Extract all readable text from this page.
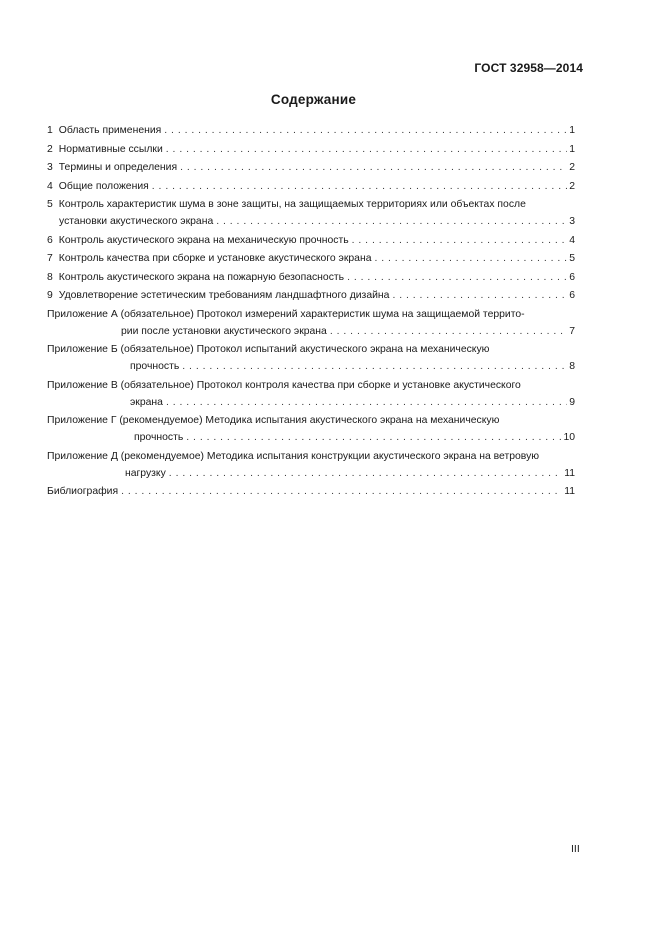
ГОСТ 32958—2014
Содержание
1 Область применения . . .	1
2 Нормативные ссылки . . .	1
3 Термины и определения . . .	2
4 Общие положения . . .	2
5 Контроль характеристик шума в зоне защиты, на защищаемых территориях или объектах после
установки акустического экрана . . .	3
6 Контроль акустического экрана на механическую прочность . . .	4
7 Контроль качества при сборке и установке акустического экрана . . .	5
8 Контроль акустического экрана на пожарную безопасность . . .	6
9 Удовлетворение эстетическим требованиям ландшафтного дизайна . . .	6
Приложение А (обязательное) Протокол измерений характеристик шума на защищаемой террито-
рии после установки акустического экрана . . .	7
Приложение Б (обязательное) Протокол испытаний акустического экрана на механическую
прочность . . .	8
Приложение В (обязательное) Протокол контроля качества при сборке и установке акустического
экрана . . .	9
Приложение Г (рекомендуемое) Методика испытания акустического экрана на механическую
прочность . . .	10
Приложение Д (рекомендуемое) Методика испытания конструкции акустического экрана на ветровую
нагрузку . . .	11
Библиография . . .	11
III
